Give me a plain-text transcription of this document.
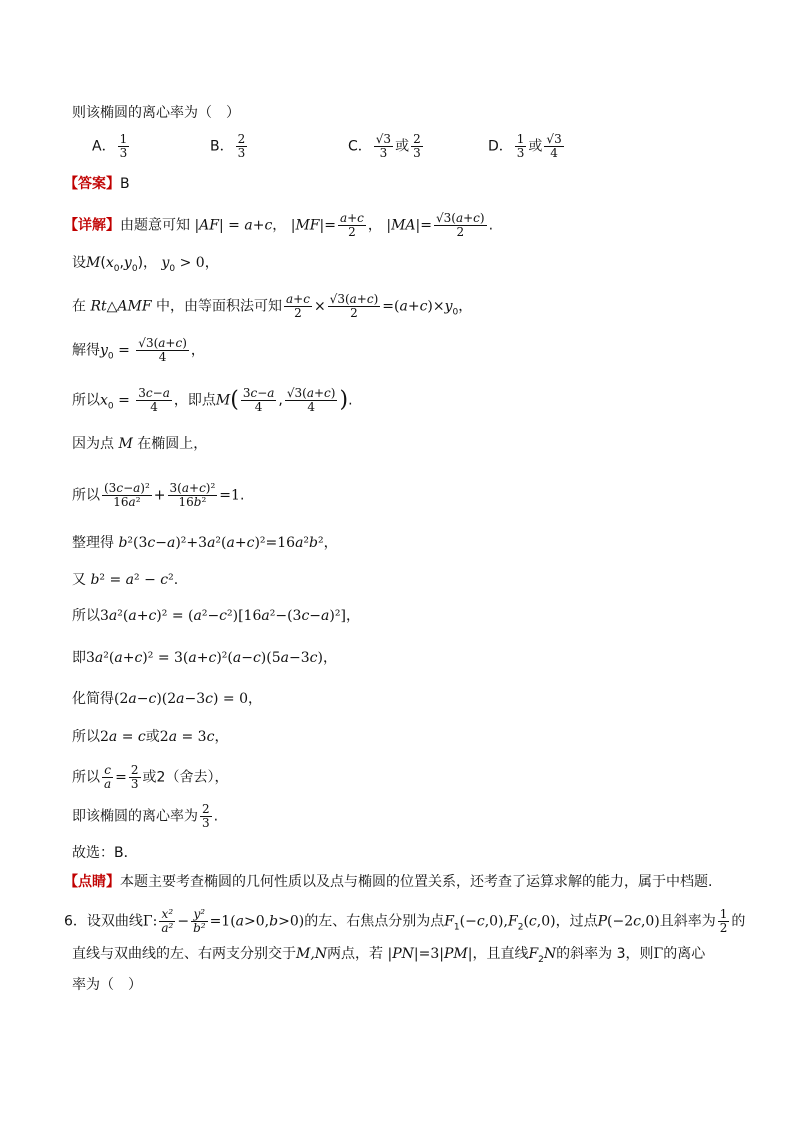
则该椭圆的离心率为（　）
A． $\frac{1}{3}$	B． $\frac{2}{3}$	C． $\frac{√3}{3}$ 或 $\frac{2}{3}$	D． $\frac{1}{3}$ 或 $\frac{√3}{4}$
【答案】B
【详解】由题意可知 |AF| = a+c， $|MF|= \frac{a+c}{2}$ ， $|MA|= \frac{√3(a+c)}{2}$ .
设$M(x_0,y_0)$， $y_0 > 0$，
在 Rt△AMF 中，由等面积法可知 $\frac{a+c}{2} \times \frac{√3(a+c)}{2} =(a+c)\times y_0$，
解得$y_0 = \frac{√3(a+c)}{4}$ ，
所以$x_0 = \frac{3c-a}{4}$ ，即点$M( \frac{3c-a}{4}$ , $\frac{√3(a+c)}{4}$ ).
因为点 M 在椭圆上，
所以 $\frac{\text{(3c−a)²}}{\text{16a²}} + \frac{\text{3(a+c)²}}{\text{16b²}} =1$.
整理得 b²(3c−a)²+3a²(a+c)²=16a²b²，
又 b² = a² − c².
所以3a²(a+c)² = (a²−c²)[16a²−(3c−a)²]，
即3a²(a+c)² = 3(a+c)²(a−c)(5a−3c)，
化简得(2a−c)(2a−3c) = 0，
所以2a = c或2a = 3c，
所以 $\frac{c}{a} = \frac{2}{3}$ 或2（舍去），
即该椭圆的离心率为 $\frac{2}{3}$ .
故选：B．
【点睛】本题主要考查椭圆的几何性质以及点与椭圆的位置关系，还考查了运算求解的能力，属于中档题.
6．设双曲线Γ: $\frac{\text{x²}}{\text{a²}} - \frac{\text{y²}}{\text{b²}} =1(a>0,b>0)$的左、右焦点分别为点$F_1(-c,0),F_2(c,0)$，过点P(−2c,0)且斜率为 $\frac{1}{2}$ 的
直线与双曲线的左、右两支分别交于M,N两点，若 |PN|=3|PM|，且直线$F_2N$的斜率为 3，则Γ的离心
率为（　）
